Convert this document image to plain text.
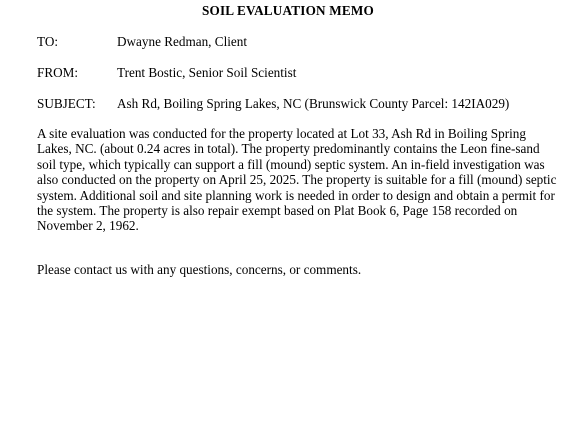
SOIL EVALUATION MEMO
TO:	Dwayne Redman, Client
FROM:	Trent Bostic, Senior Soil Scientist
SUBJECT: Ash Rd, Boiling Spring Lakes, NC (Brunswick County Parcel: 142IA029)
A site evaluation was conducted for the property located at Lot 33, Ash Rd in Boiling Spring Lakes, NC. (about 0.24 acres in total). The property predominantly contains the Leon fine-sand soil type, which typically can support a fill (mound) septic system. An in-field investigation was also conducted on the property on April 25, 2025. The property is suitable for a fill (mound) septic system. Additional soil and site planning work is needed in order to design and obtain a permit for the system. The property is also repair exempt based on Plat Book 6, Page 158 recorded on November 2, 1962.
Please contact us with any questions, concerns, or comments.
